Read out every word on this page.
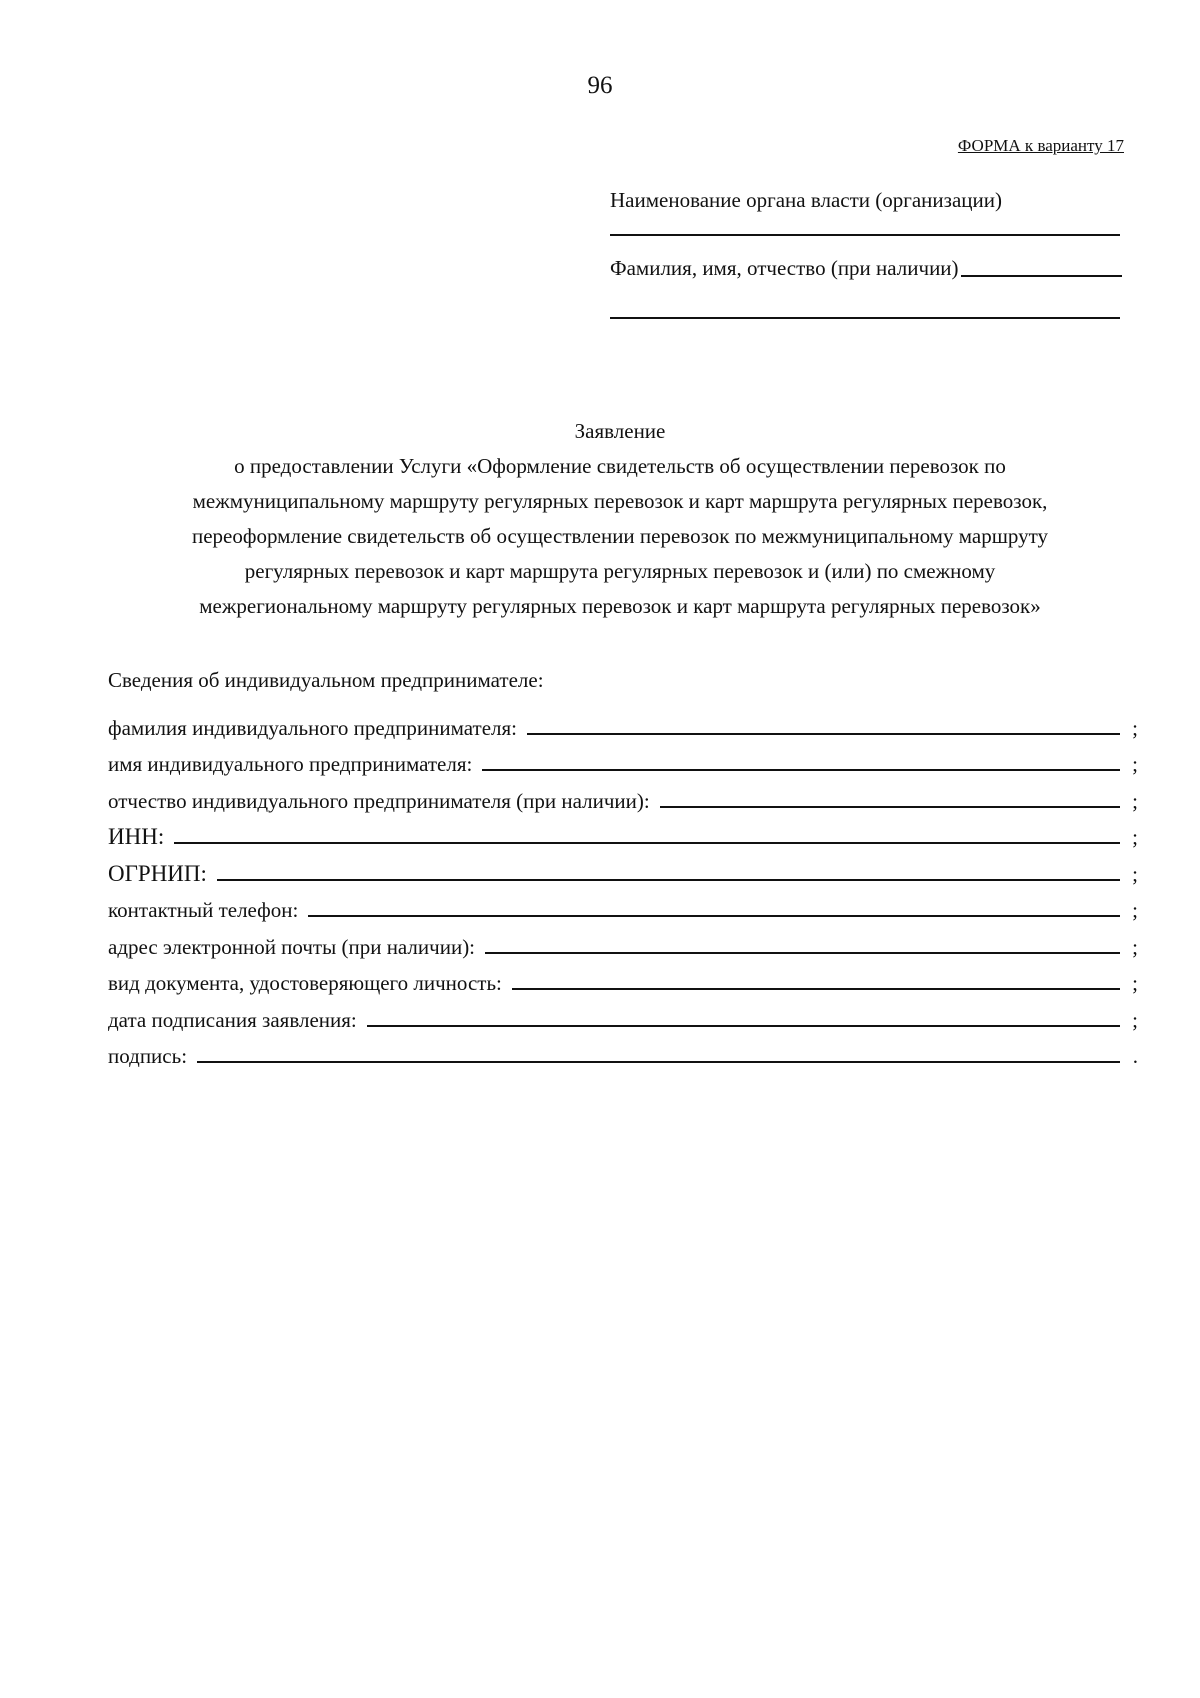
96
ФОРМА к варианту 17
Наименование органа власти (организации)
Фамилия, имя, отчество (при наличии)
Заявление
о предоставлении Услуги «Оформление свидетельств об осуществлении перевозок по
межмуниципальному маршруту регулярных перевозок и карт маршрута регулярных перевозок,
переоформление свидетельств об осуществлении перевозок по межмуниципальному маршруту
регулярных перевозок и карт маршрута регулярных перевозок и (или) по смежному
межрегиональному маршруту регулярных перевозок и карт маршрута регулярных перевозок»
Сведения об индивидуальном предпринимателе:
фамилия индивидуального предпринимателя:	;
имя индивидуального предпринимателя:	;
отчество индивидуального предпринимателя (при наличии):	;
ИНН:	;
ОГРНИП:	;
контактный телефон:	;
адрес электронной почты (при наличии):	;
вид документа, удостоверяющего личность:	;
дата подписания заявления:	;
подпись:	.
